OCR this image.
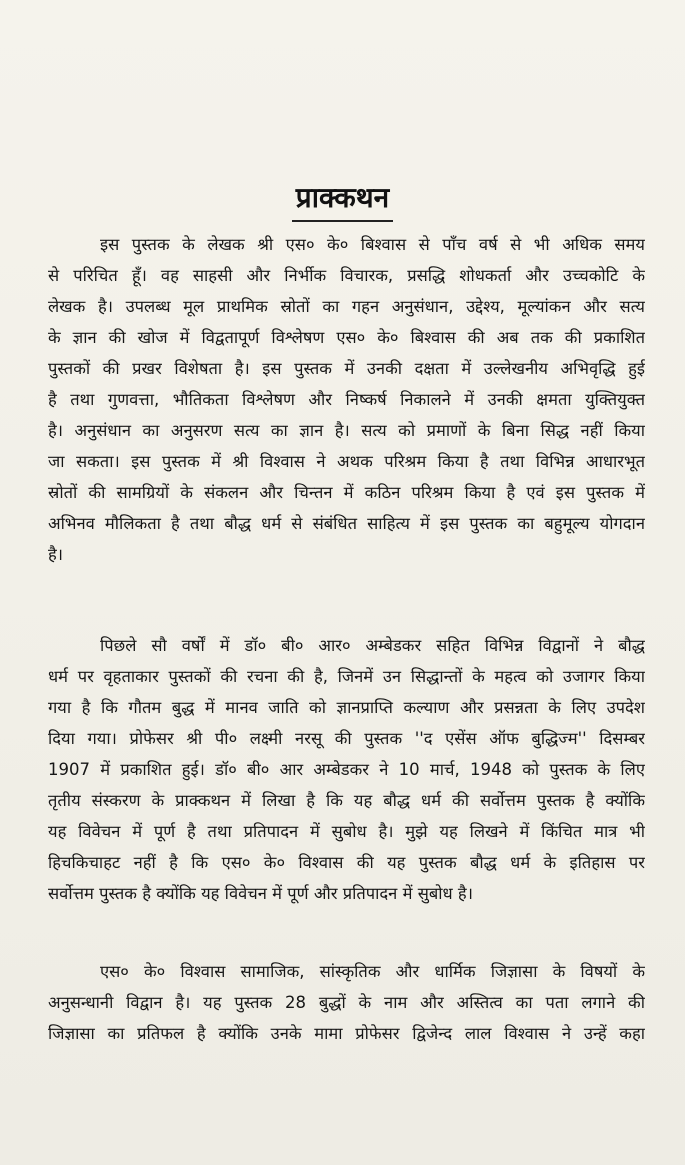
प्राक्कथन
इस पुस्तक के लेखक श्री एस० के० बिश्वास से पाँच वर्ष से भी अधिक समय
से परिचित हूँ। वह साहसी और निर्भीक विचारक, प्रसद्धि शोधकर्ता और उच्चकोटि के
लेखक है। उपलब्ध मूल प्राथमिक स्रोतों का गहन अनुसंधान, उद्देश्य, मूल्यांकन और सत्य
के ज्ञान की खोज में विद्वतापूर्ण विश्लेषण एस० के० बिश्वास की अब तक की प्रकाशित
पुस्तकों की प्रखर विशेषता है। इस पुस्तक में उनकी दक्षता में उल्लेखनीय अभिवृद्धि हुई
है तथा गुणवत्ता, भौतिकता विश्लेषण और निष्कर्ष निकालने में उनकी क्षमता युक्तियुक्त
है। अनुसंधान का अनुसरण सत्य का ज्ञान है। सत्य को प्रमाणों के बिना सिद्ध नहीं किया
जा सकता। इस पुस्तक में श्री विश्वास ने अथक परिश्रम किया है तथा विभिन्न आधारभूत
स्रोतों की सामग्रियों के संकलन और चिन्तन में कठिन परिश्रम किया है एवं इस पुस्तक में
अभिनव मौलिकता है तथा बौद्ध धर्म से संबंधित साहित्य में इस पुस्तक का बहुमूल्य योगदान
है।
पिछले सौ वर्षों में डॉ० बी० आर० अम्बेडकर सहित विभिन्न विद्वानों ने बौद्ध
धर्म पर वृहताकार पुस्तकों की रचना की है, जिनमें उन सिद्धान्तों के महत्व को उजागर किया
गया है कि गौतम बुद्ध में मानव जाति को ज्ञानप्राप्ति कल्याण और प्रसन्नता के लिए उपदेश
दिया गया। प्रोफेसर श्री पी० लक्ष्मी नरसू की पुस्तक ''द एसेंस ऑफ बुद्धिज्म'' दिसम्बर
1907 में प्रकाशित हुई। डॉ० बी० आर अम्बेडकर ने 10 मार्च, 1948 को पुस्तक के लिए
तृतीय संस्करण के प्राक्कथन में लिखा है कि यह बौद्ध धर्म की सर्वोत्तम पुस्तक है क्योंकि
यह विवेचन में पूर्ण है तथा प्रतिपादन में सुबोध है। मुझे यह लिखने में किंचित मात्र भी
हिचकिचाहट नहीं है कि एस० के० विश्वास की यह पुस्तक बौद्ध धर्म के इतिहास पर
सर्वोत्तम पुस्तक है क्योंकि यह विवेचन में पूर्ण और प्रतिपादन में सुबोध है।
एस० के० विश्वास सामाजिक, सांस्कृतिक और धार्मिक जिज्ञासा के विषयों के
अनुसन्धानी विद्वान है। यह पुस्तक 28 बुद्धों के नाम और अस्तित्व का पता लगाने की
जिज्ञासा का प्रतिफल है क्योंकि उनके मामा प्रोफेसर द्विजेन्द लाल विश्वास ने उन्हें कहा
